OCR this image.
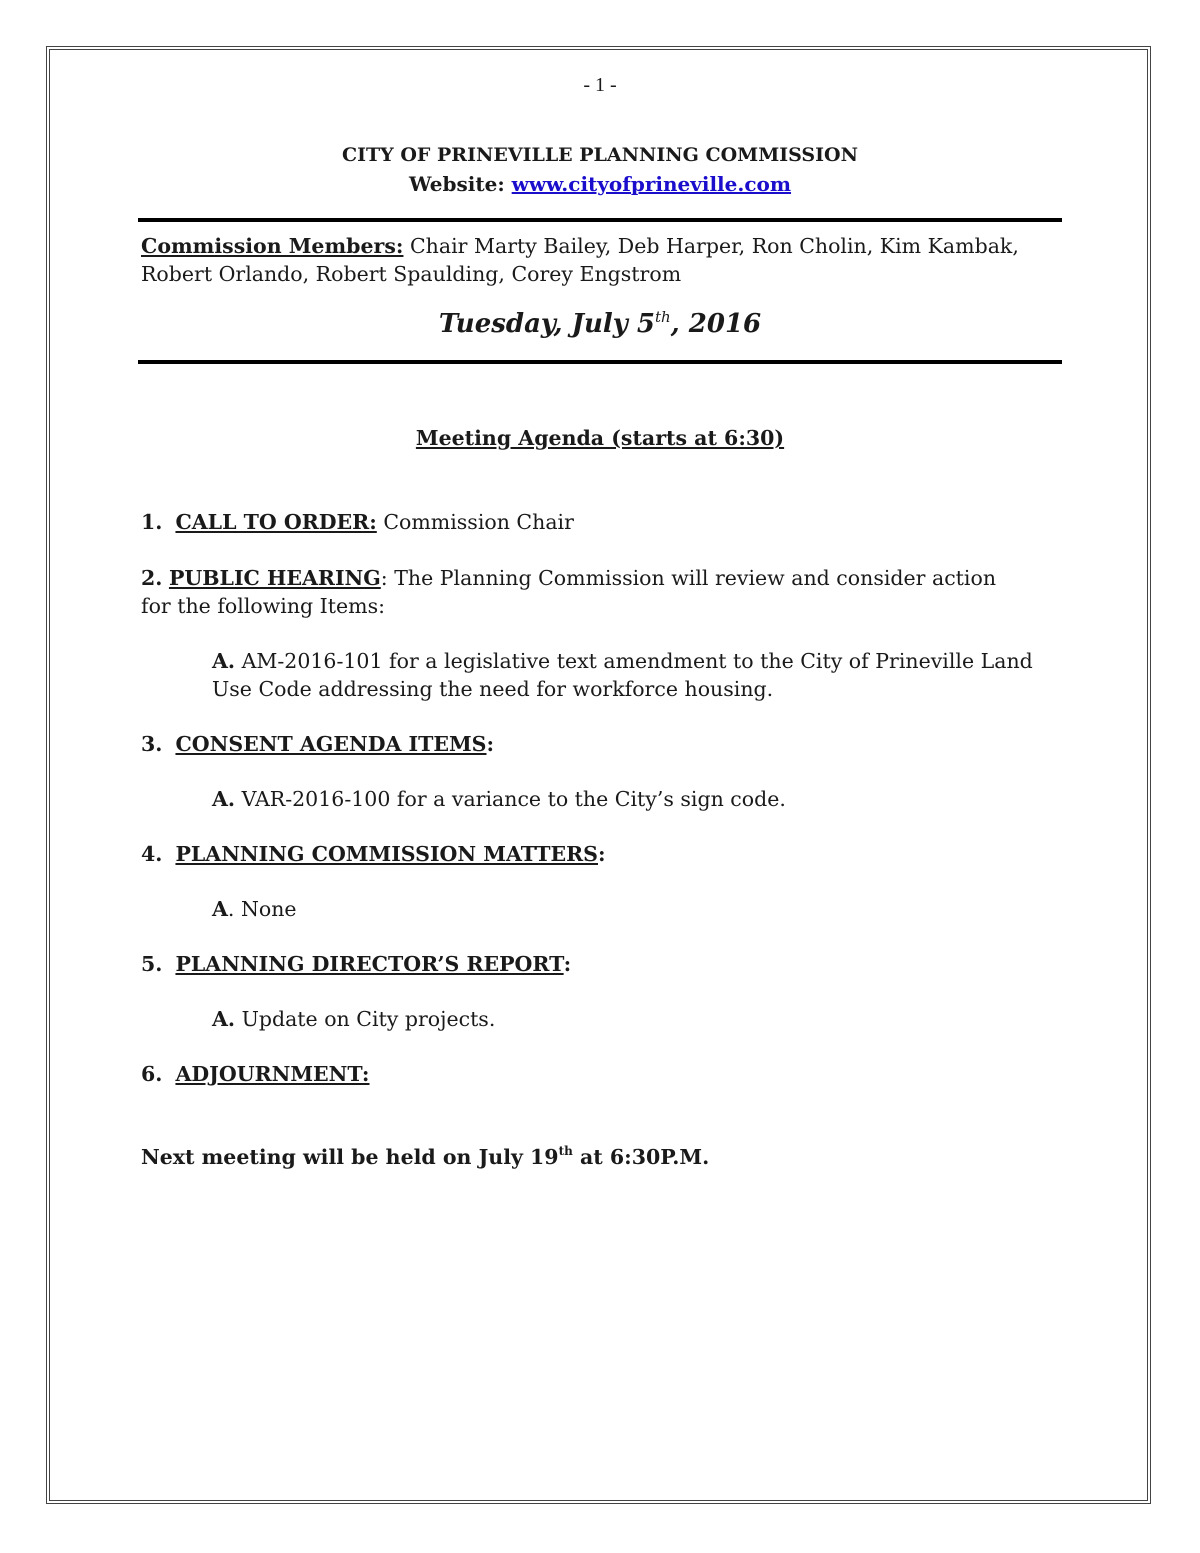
- 1 -
CITY OF PRINEVILLE PLANNING COMMISSION
Website: www.cityofprineville.com
Commission Members: Chair Marty Bailey, Deb Harper, Ron Cholin, Kim Kambak, Robert Orlando, Robert Spaulding, Corey Engstrom
Tuesday, July 5th, 2016
Meeting Agenda (starts at 6:30)
1. CALL TO ORDER: Commission Chair
2. PUBLIC HEARING: The Planning Commission will review and consider action for the following Items:
A. AM-2016-101 for a legislative text amendment to the City of Prineville Land Use Code addressing the need for workforce housing.
3. CONSENT AGENDA ITEMS:
A. VAR-2016-100 for a variance to the City’s sign code.
4. PLANNING COMMISSION MATTERS:
A. None
5. PLANNING DIRECTOR’S REPORT:
A. Update on City projects.
6. ADJOURNMENT:
Next meeting will be held on July 19th at 6:30P.M.
